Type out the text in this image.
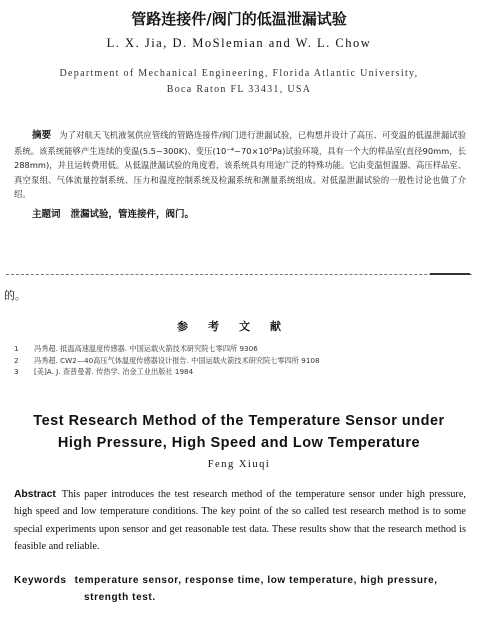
管路连接件/阀门的低温泄漏试验
L. X. Jia, D. MoSlemian and W. L. Chow
Department of Mechanical Engineering, Florida Atlantic University,
Boca Raton FL 33431, USA
摘要 为了对航天飞机液氢供应管线的管路连接件/阀门进行泄漏试验，已构想并设计了高压、可变温的低温泄漏试验系统。该系统能够产生连续的变温(5.5~300K)、变压(10⁻⁴~70×10⁵Pa)试验环境，具有一个大的样品室(直径90mm，长288mm)，并且运转费用低。从低温泄漏试验的角度看，该系统具有用途广泛的特殊功能。它由变温恒温器、高压样品室、真空泵组、气体流量控制系统、压力和温度控制系统及检漏系统和测量系统组成。对低温泄漏试验的一般性讨论也做了介绍。
主题词 泄漏试验，管连接件，阀门。
的。
参考文献
1 冯秀超. 抵温高速温度传感器. 中国运载火箭技术研究院七零四所 9306
2 冯秀超. CW2—40高压气体温度传感器设计报告. 中国运载火箭技术研究院七零四所 9108
3 [美]A. J. 查普曼著. 传热学. 冶金工业出版社 1984
Test Research Method of the Temperature Sensor under
High Pressure, High Speed and Low Temperature
Feng Xiuqi
Abstract This paper introduces the test research method of the temperature sensor under high pressure, high speed and low temperature conditions. The key point of the so called test research method is to some special experiments upon sensor and get reasonable test data. These results show that the research method is feasible and reliable.
Keywords temperature sensor, response time, low temperature, high pressure,
strength test.
